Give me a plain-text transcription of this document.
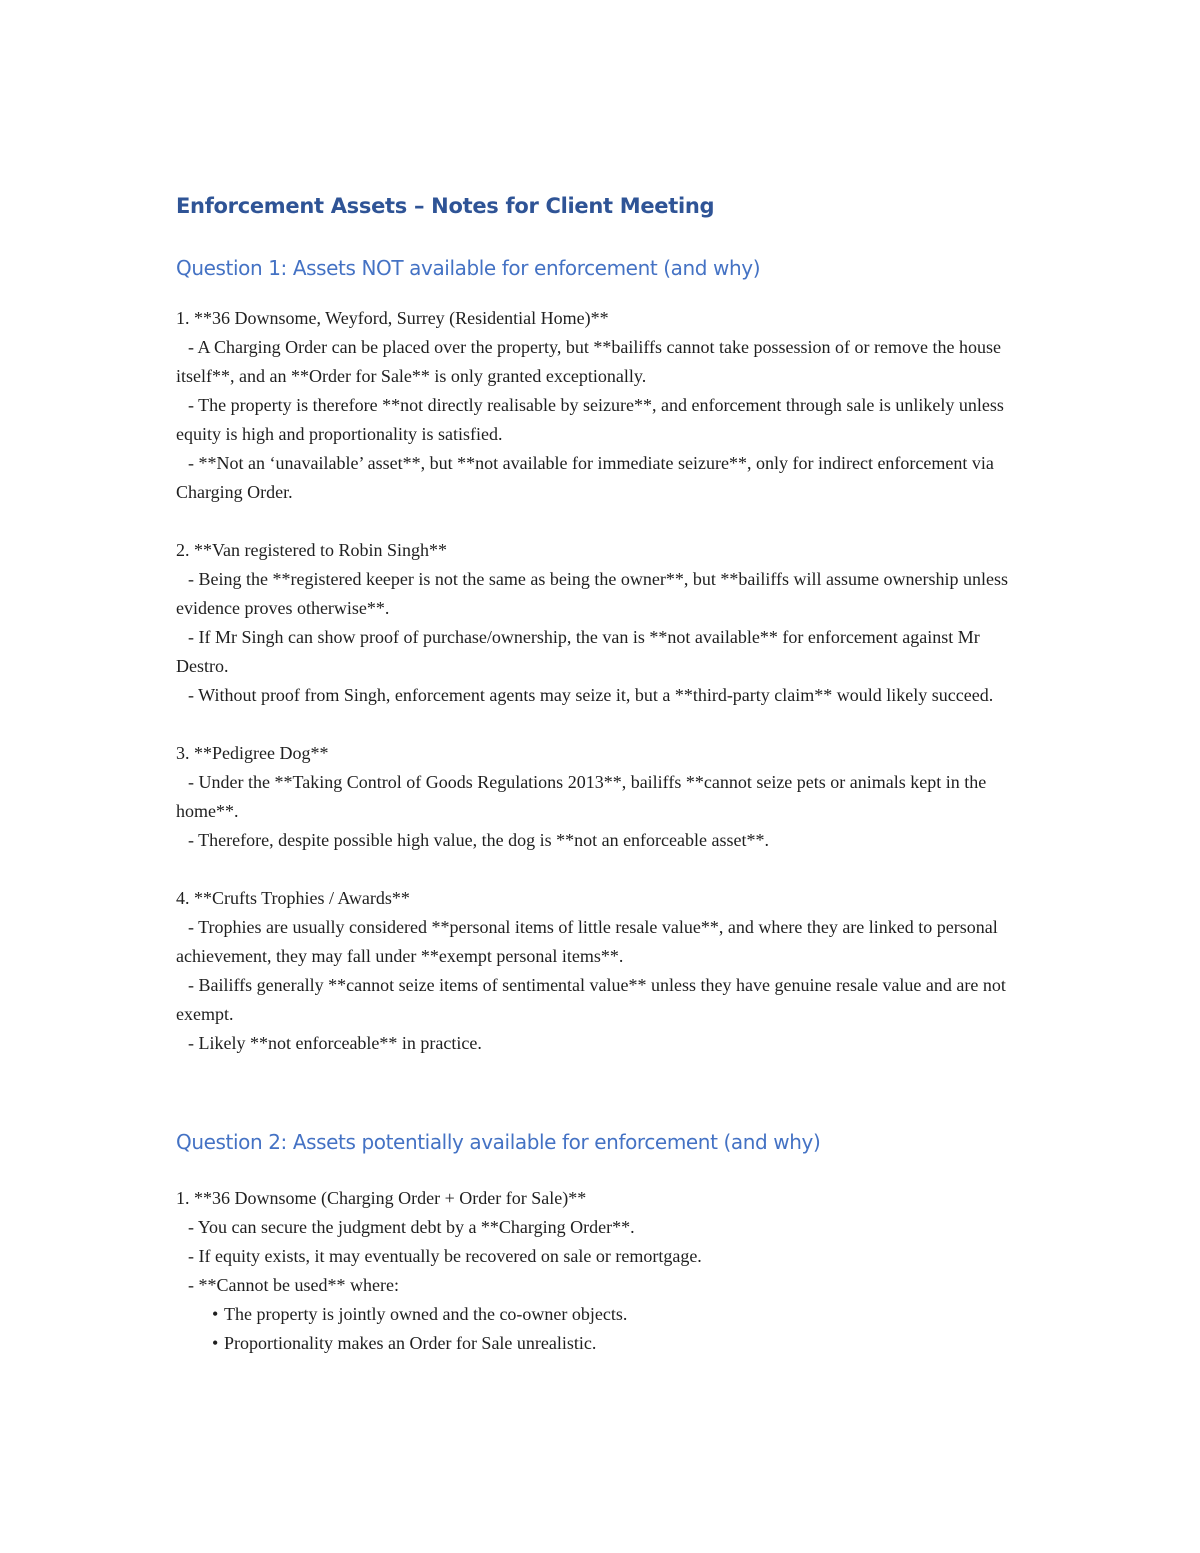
Enforcement Assets – Notes for Client Meeting
Question 1: Assets NOT available for enforcement (and why)
1. **36 Downsome, Weyford, Surrey (Residential Home)**
- A Charging Order can be placed over the property, but **bailiffs cannot take possession of or remove the house itself**, and an **Order for Sale** is only granted exceptionally.
- The property is therefore **not directly realisable by seizure**, and enforcement through sale is unlikely unless equity is high and proportionality is satisfied.
- **Not an ‘unavailable’ asset**, but **not available for immediate seizure**, only for indirect enforcement via Charging Order.
2. **Van registered to Robin Singh**
- Being the **registered keeper is not the same as being the owner**, but **bailiffs will assume ownership unless evidence proves otherwise**.
- If Mr Singh can show proof of purchase/ownership, the van is **not available** for enforcement against Mr Destro.
- Without proof from Singh, enforcement agents may seize it, but a **third-party claim** would likely succeed.
3. **Pedigree Dog**
- Under the **Taking Control of Goods Regulations 2013**, bailiffs **cannot seize pets or animals kept in the home**.
- Therefore, despite possible high value, the dog is **not an enforceable asset**.
4. **Crufts Trophies / Awards**
- Trophies are usually considered **personal items of little resale value**, and where they are linked to personal achievement, they may fall under **exempt personal items**.
- Bailiffs generally **cannot seize items of sentimental value** unless they have genuine resale value and are not exempt.
- Likely **not enforceable** in practice.
Question 2: Assets potentially available for enforcement (and why)
1. **36 Downsome (Charging Order + Order for Sale)**
- You can secure the judgment debt by a **Charging Order**.
- If equity exists, it may eventually be recovered on sale or remortgage.
- **Cannot be used** where:
• The property is jointly owned and the co-owner objects.
• Proportionality makes an Order for Sale unrealistic.
